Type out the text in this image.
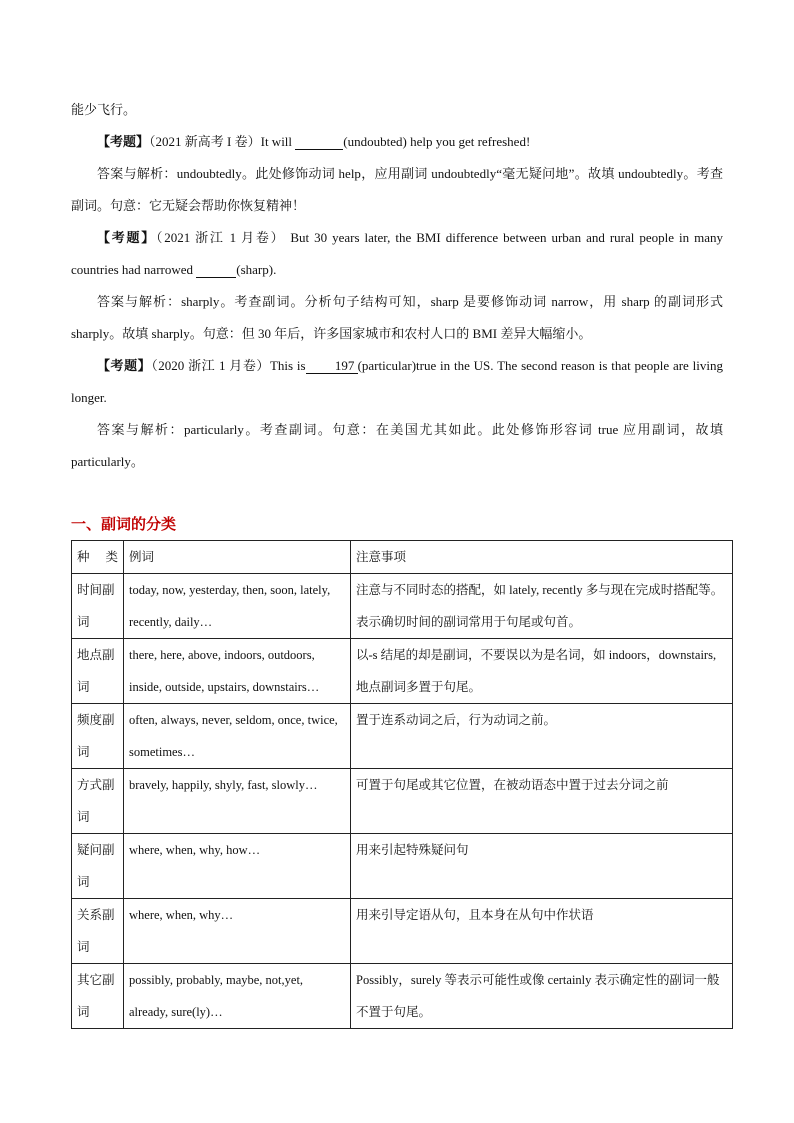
能少飞行。

【考题】（2021 新高考 I 卷）It will	(undoubted) help you get refreshed!

答案与解析：undoubtedly。此处修饰动词 help，应用副词 undoubtedly“毫无疑问地”。故填 undoubtedly。考查副词。句意：它无疑会帮助你恢复精神！

【考题】（2021 浙江 1 月卷） But 30 years later, the BMI difference between urban and rural people in many countries had narrowed	(sharp).

答案与解析：sharply。考查副词。分析句子结构可知，sharp 是要修饰动词 narrow，用 sharp 的副词形式 sharply。故填 sharply。句意：但 30 年后，许多国家城市和农村人口的 BMI 差异大幅缩小。

【考题】（2020 浙江 1 月卷）This is 197 (particular)true in the US. The second reason is that people are living longer.

答案与解析：particularly。考查副词。句意：在美国尤其如此。此处修饰形容词 true 应用副词，故填 particularly。

一、副词的分类
种类	例词	注意事项
时间副词	today, now, yesterday, then, soon, lately, recently, daily…	注意与不同时态的搭配，如 lately, recently 多与现在完成时搭配等。表示确切时间的副词常用于句尾或句首。
地点副词	there, here, above, indoors, outdoors, inside, outside, upstairs, downstairs…	以-s 结尾的却是副词，不要误以为是名词，如 indoors，downstairs,地点副词多置于句尾。
频度副词	often, always, never, seldom, once, twice, sometimes…	置于连系动词之后，行为动词之前。
方式副词	bravely, happily, shyly, fast, slowly…	可置于句尾或其它位置，在被动语态中置于过去分词之前
疑问副词	where, when, why, how…	用来引起特殊疑问句
关系副词	where, when, why…	用来引导定语从句，且本身在从句中作状语
其它副词	possibly, probably, maybe, not,yet, already, sure(ly)…	Possibly，surely 等表示可能性或像 certainly 表示确定性的副词一般不置于句尾。
